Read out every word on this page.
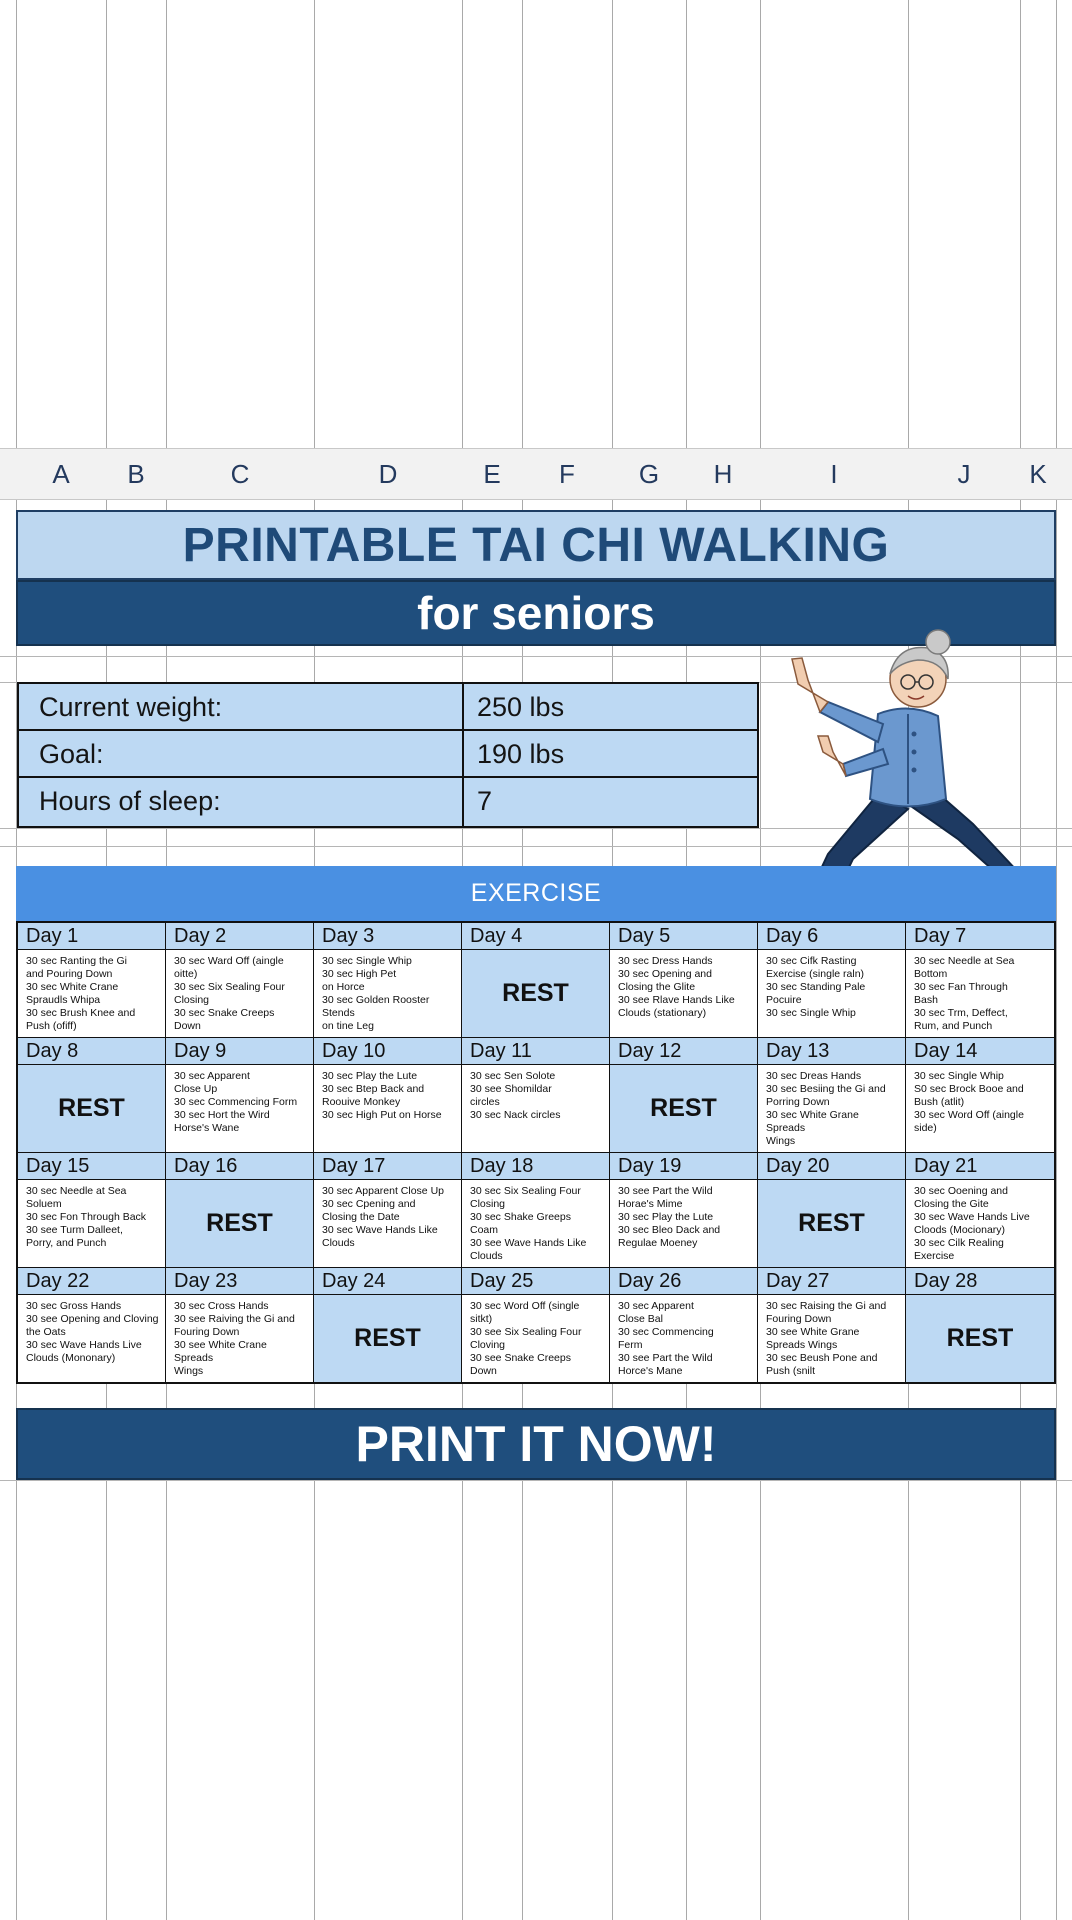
A	B	C	D	E	F	G	H	I	J	K
PRINTABLE TAI CHI WALKING
for seniors
Current weight:	250 lbs
Goal:	190 lbs
Hours of sleep:	7
EXERCISE
Day 1
30 sec Ranting the Gi
and Pouring Down
30 sec White Crane
Spraudls Whipa
30 sec Brush Knee and
Push (ofiff)
Day 2
30 sec Ward Off (aingle
oitte)
30 sec Six Sealing Four
Closing
30 sec Snake Creeps
Down
Day 3
30 sec Single Whip
30 sec High Pet
on Horce
30 sec Golden Rooster
Stends
on tine Leg
Day 4
REST
Day 5
30 sec Dress Hands
30 sec Opening and
Closing the Glite
30 see Rlave Hands Like
Clouds (stationary)
Day 6
30 sec Cifk Rasting
Exercise (single raln)
30 sec Standing Pale
Pocuire
30 sec Single Whip
Day 7
30 sec Needle at Sea
Bottom
30 sec Fan Through
Bash
30 sec Trm, Deffect,
Rum, and Punch
Day 8
REST
Day 9
30 sec Apparent
Close Up
30 sec Commencing Form
30 sec Hort the Wird
Horse's Wane
Day 10
30 sec Play the Lute
30 sec Btep Back and
Roouive Monkey
30 sec High Put on Horse
Day 11
30 sec Sen Solote
30 see Shomildar
circles
30 sec Nack circles
Day 12
REST
Day 13
30 sec Dreas Hands
30 sec Besiing the Gi and
Porring Down
30 sec White Grane Spreads
Wings
Day 14
30 sec Single Whip
S0 sec Brock Booe and
Bush (atlit)
30 sec Word Off (aingle
side)
Day 15
30 sec Needle at Sea
Soluem
30 sec Fon Through Back
30 see Turm Dalleet,
Porry, and Punch
Day 16
REST
Day 17
30 sec Apparent Close Up
30 sec Cpening and
Closing the Date
30 sec Wave Hands Like
Clouds
Day 18
30 sec Six Sealing Four
Closing
30 sec Shake Greeps
Coam
30 see Wave Hands Like
Clouds
Day 19
30 see Part the Wild
Horae's Mime
30 sec Play the Lute
30 sec Bleo Dack and
Regulae Moeney
Day 20
REST
Day 21
30 sec Ooening and
Closing the Gite
30 sec Wave Hands Live
Cloods (Mocionary)
30 sec Cilk Realing
Exercise
Day 22
30 sec Gross Hands
30 see Opening and Cloving
the Oats
30 sec Wave Hands Live
Clouds (Mononary)
Day 23
30 sec Cross Hands
30 see Raiving the Gi and
Fouring Down
30 see White Crane Spreads
Wings
Day 24
REST
Day 25
30 sec Word Off (single
sitkt)
30 see Six Sealing Four
Cloving
30 see Snake Creeps
Down
Day 26
30 sec Apparent
Close Bal
30 sec Commencing
Ferm
30 see Part the Wild
Horce's Mane
Day 27
30 sec Raising the Gi and
Fouring Down
30 see White Grane
Spreads Wings
30 sec Beush Pone and
Push (snilt
Day 28
REST
PRINT IT NOW!
